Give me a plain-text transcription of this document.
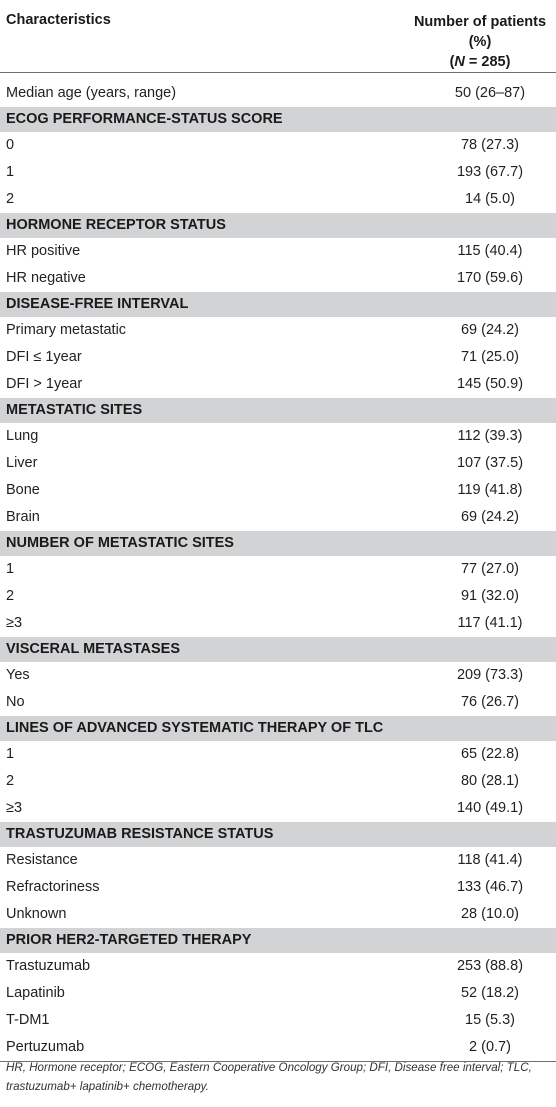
Characteristics	Number of patients (%)
(N = 285)
Median age (years, range)	50 (26–87)
ECOG PERFORMANCE-STATUS SCORE	
0	78 (27.3)
1	193 (67.7)
2	14 (5.0)
HORMONE RECEPTOR STATUS	
HR positive	115 (40.4)
HR negative	170 (59.6)
DISEASE-FREE INTERVAL	
Primary metastatic	69 (24.2)
DFI ≤ 1year	71 (25.0)
DFI > 1year	145 (50.9)
METASTATIC SITES	
Lung	112 (39.3)
Liver	107 (37.5)
Bone	119 (41.8)
Brain	69 (24.2)
NUMBER OF METASTATIC SITES	
1	77 (27.0)
2	91 (32.0)
≥3	117 (41.1)
VISCERAL METASTASES	
Yes	209 (73.3)
No	76 (26.7)
LINES OF ADVANCED SYSTEMATIC THERAPY OF TLC	
1	65 (22.8)
2	80 (28.1)
≥3	140 (49.1)
TRASTUZUMAB RESISTANCE STATUS	
Resistance	118 (41.4)
Refractoriness	133 (46.7)
Unknown	28 (10.0)
PRIOR HER2-TARGETED THERAPY	
Trastuzumab	253 (88.8)
Lapatinib	52 (18.2)
T-DM1	15 (5.3)
Pertuzumab	2 (0.7)
HR, Hormone receptor; ECOG, Eastern Cooperative Oncology Group; DFI, Disease free interval; TLC, trastuzumab+ lapatinib+ chemotherapy.
